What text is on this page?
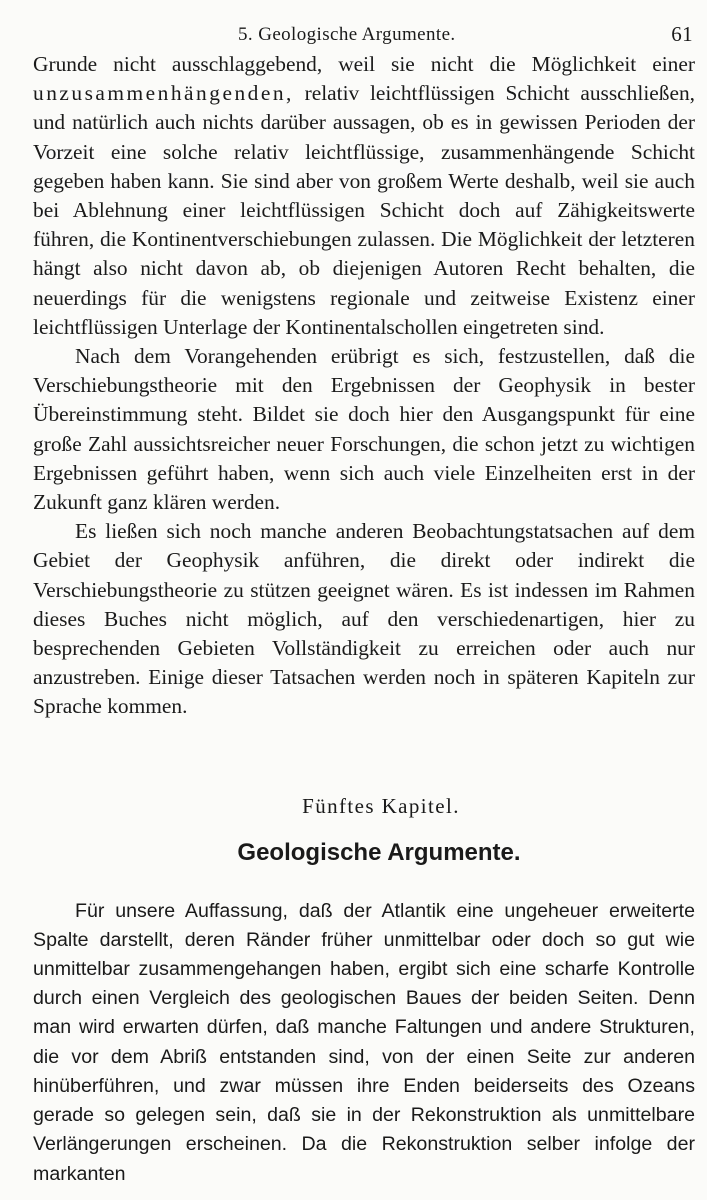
5. Geologische Argumente.	61

Grunde nicht ausschlaggebend, weil sie nicht die Möglichkeit einer unzusammenhängenden, relativ leichtflüssigen Schicht ausschließen, und natürlich auch nichts darüber aussagen, ob es in gewissen Perioden der Vorzeit eine solche relativ leichtflüssige, zusammenhängende Schicht gegeben haben kann. Sie sind aber von großem Werte deshalb, weil sie auch bei Ablehnung einer leichtflüssigen Schicht doch auf Zähigkeitswerte führen, die Kontinentverschiebungen zulassen. Die Möglichkeit der letzteren hängt also nicht davon ab, ob diejenigen Autoren Recht behalten, die neuerdings für die wenigstens regionale und zeitweise Existenz einer leichtflüssigen Unterlage der Kontinentalschollen eingetreten sind.

Nach dem Vorangehenden erübrigt es sich, festzustellen, daß die Verschiebungstheorie mit den Ergebnissen der Geophysik in bester Übereinstimmung steht. Bildet sie doch hier den Ausgangspunkt für eine große Zahl aussichtsreicher neuer Forschungen, die schon jetzt zu wichtigen Ergebnissen geführt haben, wenn sich auch viele Einzelheiten erst in der Zukunft ganz klären werden.

Es ließen sich noch manche anderen Beobachtungstatsachen auf dem Gebiet der Geophysik anführen, die direkt oder indirekt die Verschiebungstheorie zu stützen geeignet wären. Es ist indessen im Rahmen dieses Buches nicht möglich, auf den verschiedenartigen, hier zu besprechenden Gebieten Vollständigkeit zu erreichen oder auch nur anzustreben. Einige dieser Tatsachen werden noch in späteren Kapiteln zur Sprache kommen.

Fünftes Kapitel.
Geologische Argumente.

Für unsere Auffassung, daß der Atlantik eine ungeheuer erweiterte Spalte darstellt, deren Ränder früher unmittelbar oder doch so gut wie unmittelbar zusammengehangen haben, ergibt sich eine scharfe Kontrolle durch einen Vergleich des geologischen Baues der beiden Seiten. Denn man wird erwarten dürfen, daß manche Faltungen und andere Strukturen, die vor dem Abriß entstanden sind, von der einen Seite zur anderen hinüberführen, und zwar müssen ihre Enden beiderseits des Ozeans gerade so gelegen sein, daß sie in der Rekonstruktion als unmittelbare Verlängerungen erscheinen. Da die Rekonstruktion selber infolge der markanten
